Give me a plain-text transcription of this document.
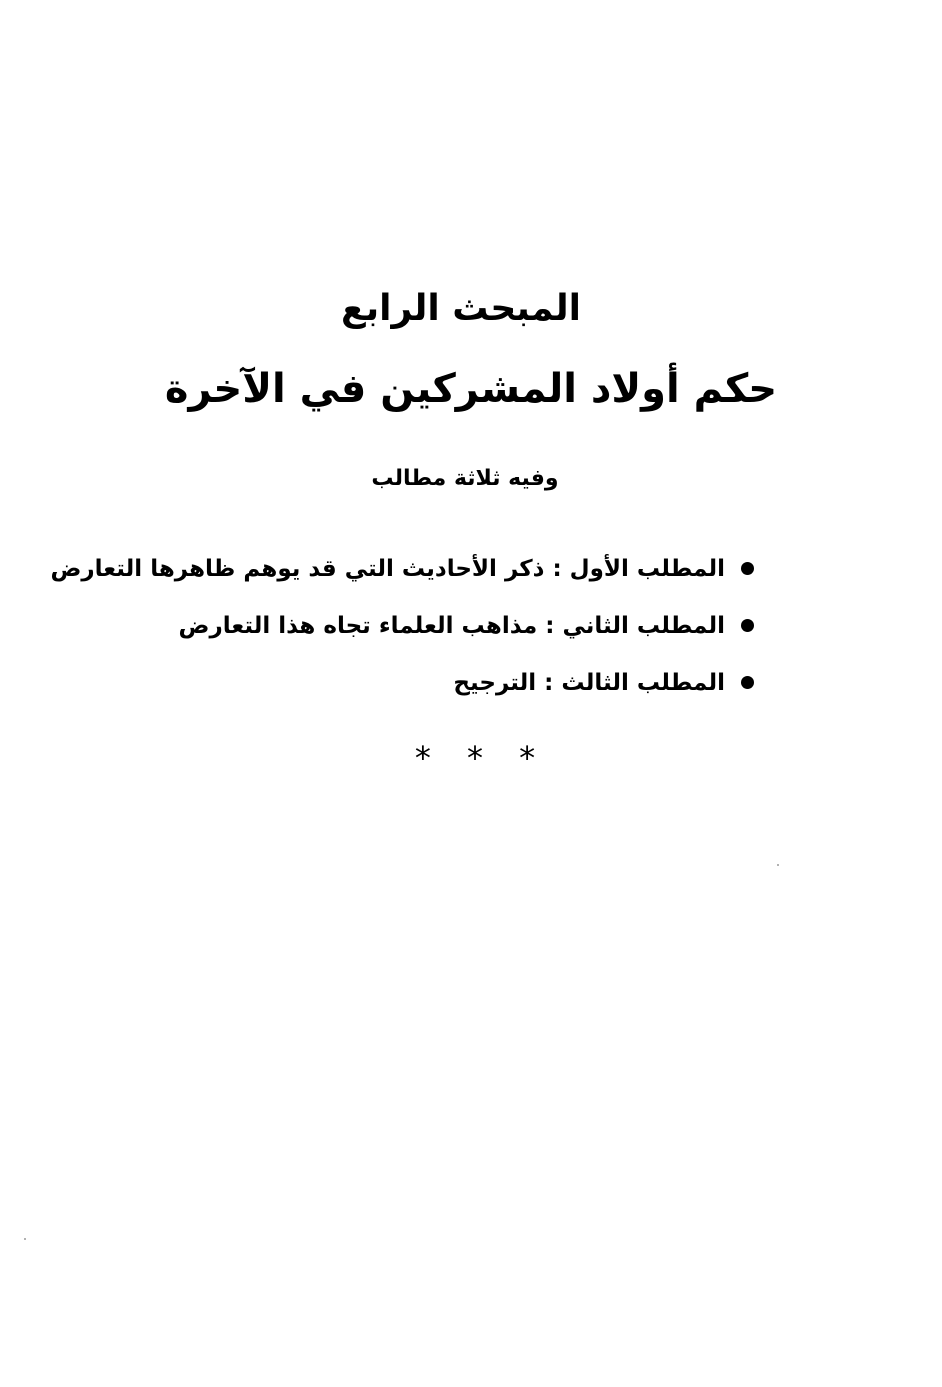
المبحث الرابع
حكم أولاد المشركين في الآخرة
وفيه ثلاثة مطالب
المطلب الأول : ذكر الأحاديث التي قد يوهم ظاهرها التعارض
المطلب الثاني : مذاهب العلماء تجاه هذا التعارض
المطلب الثالث : الترجيح
* * *
